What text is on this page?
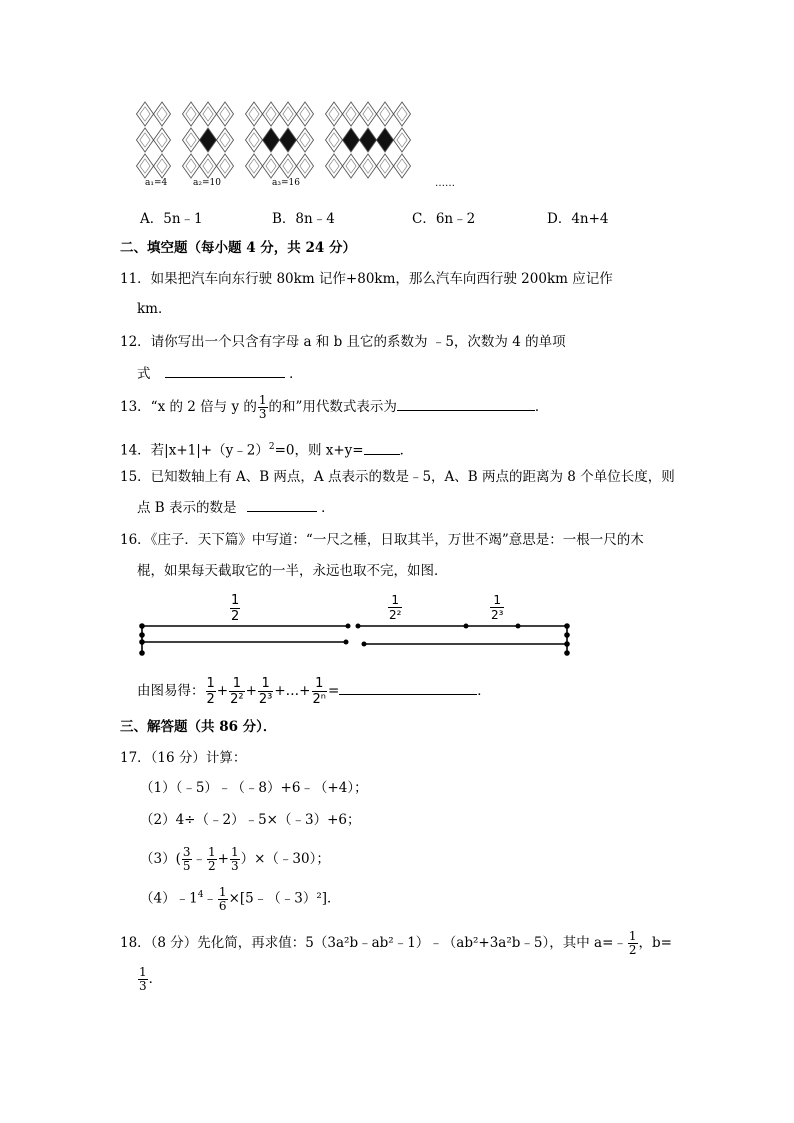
a₁=4	a₂=10	a₃=16	……
A．5n﹣1	B．8n﹣4	C．6n﹣2	D．4n+4
二、填空题（每小题 4 分，共 24 分）
11．如果把汽车向东行驶 80km 记作+80km，那么汽车向西行驶 200km 应记作
km．
12．请你写出一个只含有字母 a 和 b 且它的系数为 ﹣5，次数为 4 的单项
式	．
13．“x 的 2 倍与 y 的 $\frac{1}{3}$ 的和”用代数式表示为	．
14．若|x+1|+（y﹣2）$^2$=0，则 x+y=	．
15．已知数轴上有 A、B 两点，A 点表示的数是﹣5，A、B 两点的距离为 8 个单位长度，则
点 B 表示的数是	．
16．《庄子．天下篇》中写道：“一尺之棰，日取其半，万世不竭”意思是：一根一尺的木
棍，如果每天截取它的一半，永远也取不完，如图．
$\frac{1}{2}$	$\frac{1}{\text{2²}}$	$\frac{1}{\text{2³}}$
由图易得： $\frac{1}{2} + \frac{1}{\text{2²}} + \frac{1}{\text{2³}}$ +…+ $\frac{1}{\text{2ⁿ}}$ =	．
三、解答题（共 86 分）．
17．（16 分）计算：
（1）（﹣5）﹣（﹣8）+6﹣（+4）；
（2）4÷（﹣2）﹣5×（﹣3）+6；
$(3)( \frac{3}{5}$ ﹣ $\frac{1}{2} + \frac{1}{3}$ ）×（﹣30）；
$(4)﹣1^4﹣ \frac{1}{6}$ ×[5﹣（﹣3）²]．
18．（8 分）先化简，再求值：5（3a²b﹣ab²﹣1）﹣（ab²+3a²b﹣5），其中 a=﹣ $\frac{1}{2}$ ，b=
$\frac{1}{3}$ ．
